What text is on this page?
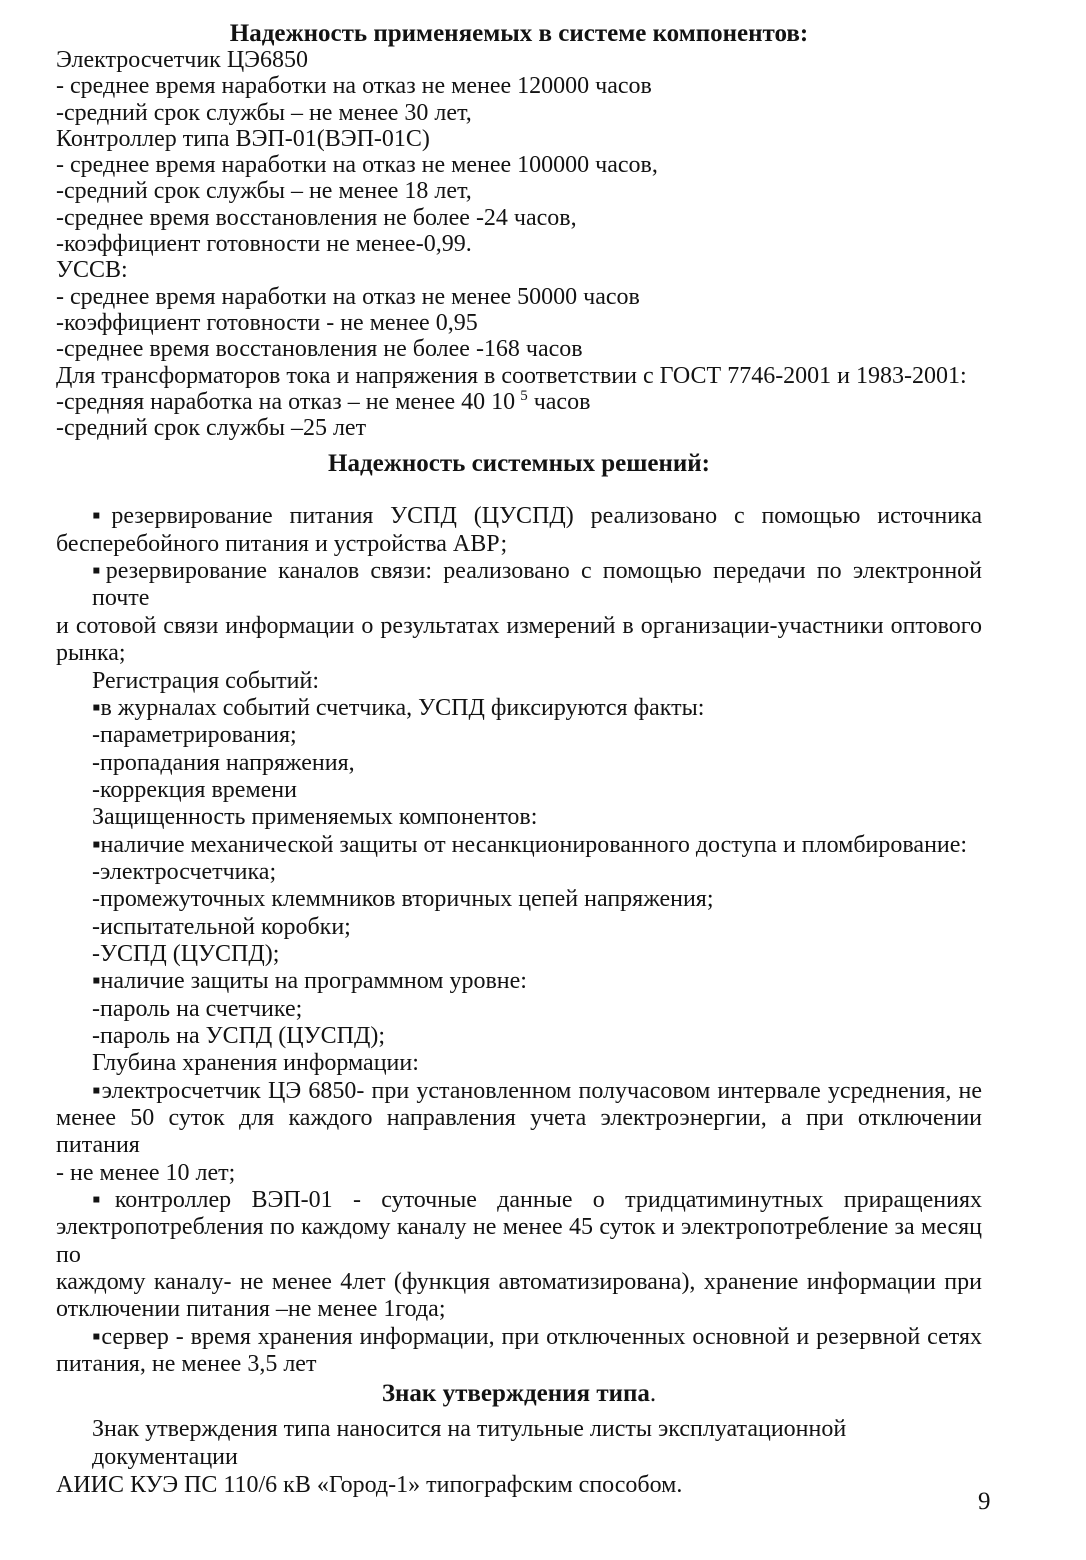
Надежность применяемых в системе компонентов:
Электросчетчик ЦЭ6850
- среднее время наработки на отказ не менее 120000 часов
-средний срок службы – не менее 30 лет,
Контроллер типа ВЭП-01(ВЭП-01С)
- среднее время наработки на отказ не менее 100000 часов,
-средний срок службы – не менее 18 лет,
-среднее время восстановления не более -24 часов,
-коэффициент готовности не менее-0,99.
УССВ:
- среднее время наработки на отказ не менее 50000 часов
-коэффициент готовности - не менее 0,95
-среднее время восстановления не более -168 часов
Для трансформаторов тока и напряжения в соответствии с ГОСТ 7746-2001 и 1983-2001:
-средняя наработка на отказ – не менее 40 10 $^5$ часов
-средний срок службы –25 лет
Надежность системных решений:
▪резервирование питания УСПД (ЦУСПД) реализовано с помощью источника
бесперебойного питания и устройства АВР;
▪резервирование каналов связи: реализовано с помощью передачи по электронной почте
и сотовой связи информации о результатах измерений в организации-участники оптового
рынка;
Регистрация событий:
▪в журналах событий счетчика, УСПД фиксируются факты:
-параметрирования;
-пропадания напряжения,
-коррекция времени
Защищенность применяемых компонентов:
▪наличие механической защиты от несанкционированного доступа и пломбирование:
-электросчетчика;
-промежуточных клеммников вторичных цепей напряжения;
-испытательной коробки;
-УСПД (ЦУСПД);
▪наличие защиты на программном уровне:
-пароль на счетчике;
-пароль на УСПД (ЦУСПД);
Глубина хранения информации:
▪электросчетчик ЦЭ 6850- при установленном получасовом интервале усреднения, не
менее 50 суток для каждого направления учета электроэнергии, а при отключении питания
- не менее 10 лет;
▪контроллер ВЭП-01 - суточные данные о тридцатиминутных приращениях
электропотребления по каждому каналу не менее 45 суток и электропотребление за месяц по
каждому каналу- не менее 4лет (функция автоматизирована), хранение информации при
отключении питания –не менее 1года;
▪сервер - время хранения информации, при отключенных основной и резервной сетях
питания, не менее 3,5 лет
Знак утверждения типа.
Знак утверждения типа наносится на титульные листы эксплуатационной документации
АИИС КУЭ ПС 110/6 кВ «Город-1» типографским способом.
9
